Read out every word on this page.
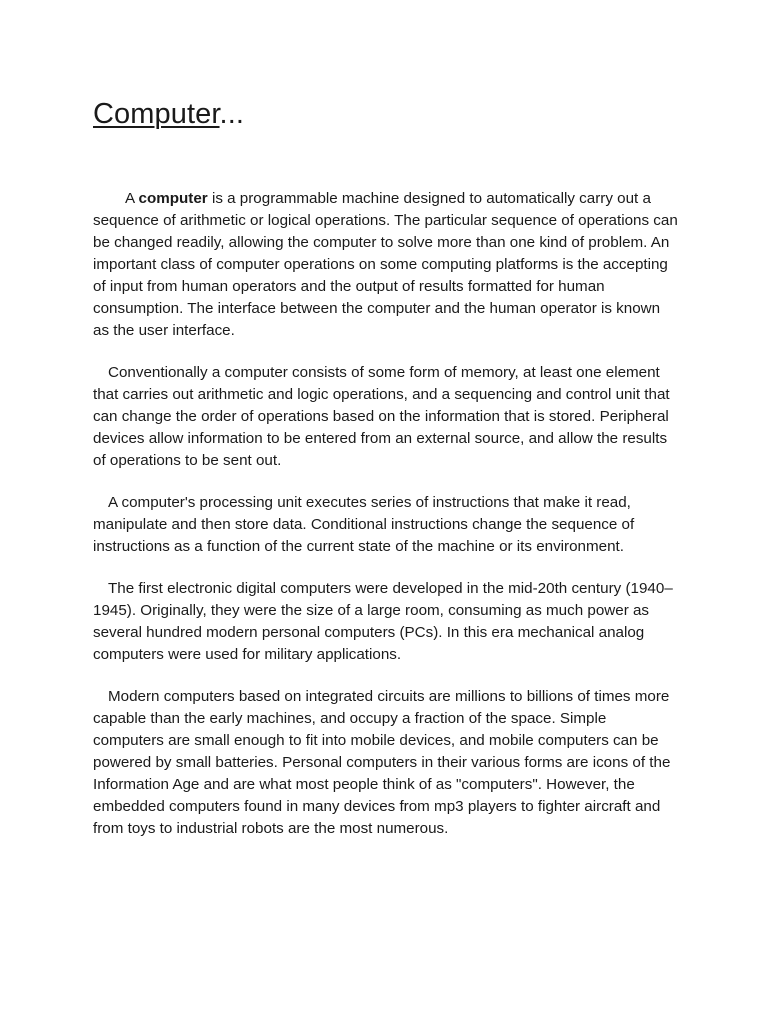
Computer...

A computer is a programmable machine designed to automatically carry out a sequence of arithmetic or logical operations. The particular sequence of operations can be changed readily, allowing the computer to solve more than one kind of problem. An important class of computer operations on some computing platforms is the accepting of input from human operators and the output of results formatted for human consumption. The interface between the computer and the human operator is known as the user interface.

Conventionally a computer consists of some form of memory, at least one element that carries out arithmetic and logic operations, and a sequencing and control unit that can change the order of operations based on the information that is stored. Peripheral devices allow information to be entered from an external source, and allow the results of operations to be sent out.

A computer's processing unit executes series of instructions that make it read, manipulate and then store data. Conditional instructions change the sequence of instructions as a function of the current state of the machine or its environment.

The first electronic digital computers were developed in the mid-20th century (1940–1945). Originally, they were the size of a large room, consuming as much power as several hundred modern personal computers (PCs). In this era mechanical analog computers were used for military applications.

Modern computers based on integrated circuits are millions to billions of times more capable than the early machines, and occupy a fraction of the space. Simple computers are small enough to fit into mobile devices, and mobile computers can be powered by small batteries. Personal computers in their various forms are icons of the Information Age and are what most people think of as "computers". However, the embedded computers found in many devices from mp3 players to fighter aircraft and from toys to industrial robots are the most numerous.
